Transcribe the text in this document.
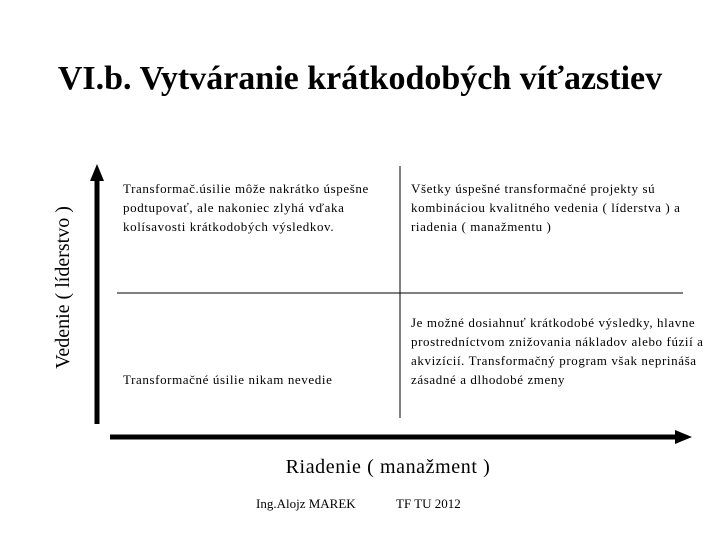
VI.b. Vytváranie krátkodobých víťazstiev
Vedenie ( líderstvo )
Transformač.úsilie môže nakrátko úspešne podtupovať, ale nakoniec zlyhá vďaka kolísavosti krátkodobých výsledkov.
Všetky úspešné transformačné projekty sú kombináciou kvalitného vedenia ( líderstva ) a riadenia ( manažmentu )
Transformačné úsilie nikam nevedie
Je možné dosiahnuť krátkodobé výsledky, hlavne prostredníctvom znižovania nákladov alebo fúzií a akvizícií. Transformačný program však neprináša zásadné a dlhodobé zmeny
Riadenie ( manažment )
Ing.Alojz MAREK	TF TU 2012
